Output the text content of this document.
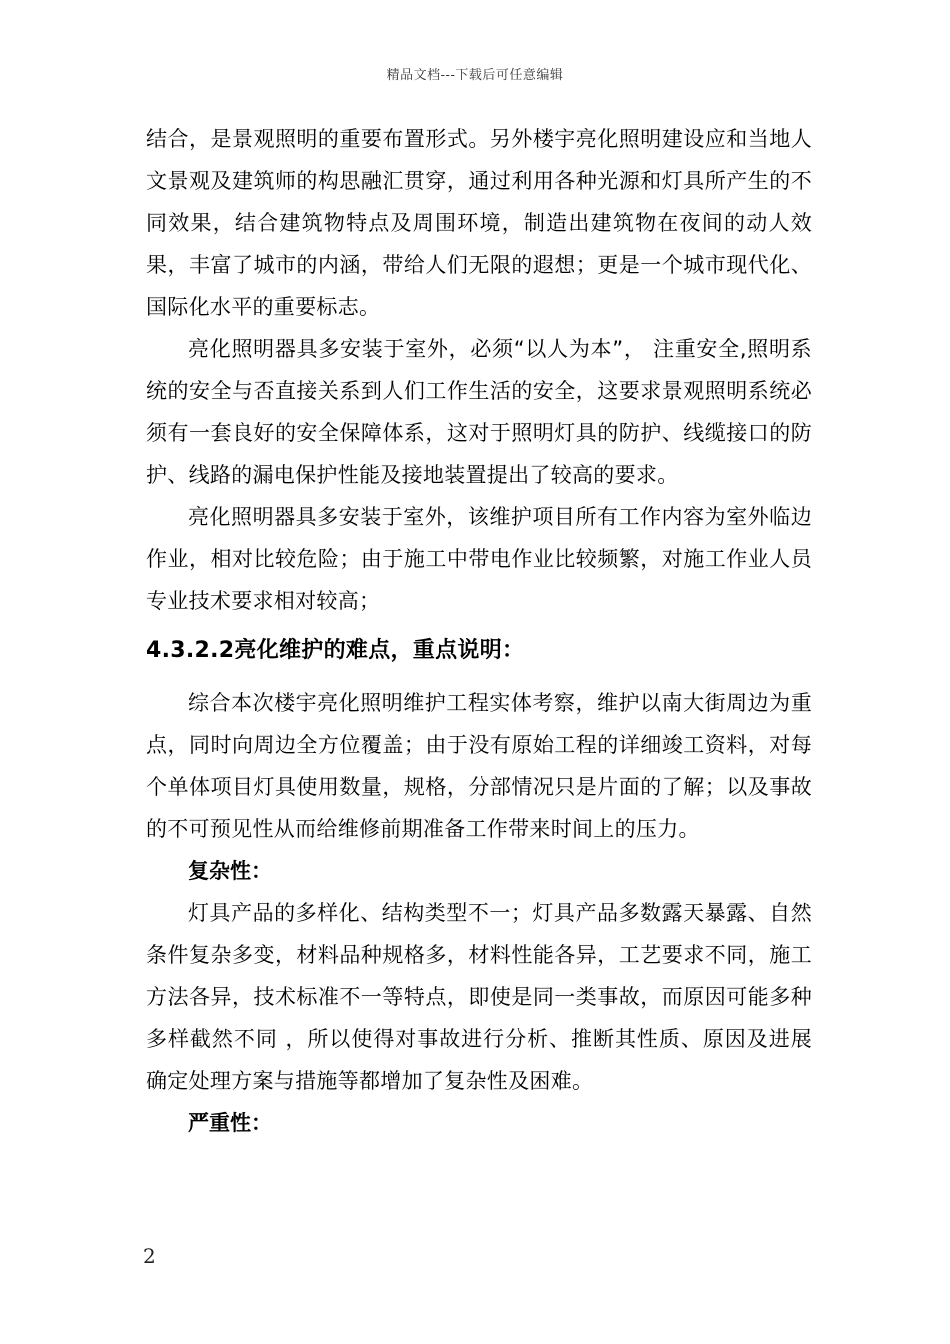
精品文档---下载后可任意编辑

结合，是景观照明的重要布置形式。另外楼宇亮化照明建设应和当地人文景观及建筑师的构思融汇贯穿，通过利用各种光源和灯具所产生的不同效果，结合建筑物特点及周围环境，制造出建筑物在夜间的动人效果，丰富了城市的内涵，带给人们无限的遐想；更是一个城市现代化、国际化水平的重要标志。

亮化照明器具多安装于室外，必须“以人为本”， 注重安全,照明系统的安全与否直接关系到人们工作生活的安全，这要求景观照明系统必须有一套良好的安全保障体系，这对于照明灯具的防护、线缆接口的防护、线路的漏电保护性能及接地装置提出了较高的要求。

亮化照明器具多安装于室外，该维护项目所有工作内容为室外临边作业，相对比较危险；由于施工中带电作业比较频繁，对施工作业人员专业技术要求相对较高；

4.3.2.2亮化维护的难点，重点说明：

综合本次楼宇亮化照明维护工程实体考察，维护以南大街周边为重点，同时向周边全方位覆盖；由于没有原始工程的详细竣工资料，对每个单体项目灯具使用数量，规格，分部情况只是片面的了解；以及事故的不可预见性从而给维修前期准备工作带来时间上的压力。

复杂性：

灯具产品的多样化、结构类型不一；灯具产品多数露天暴露、自然条件复杂多变，材料品种规格多，材料性能各异，工艺要求不同，施工方法各异，技术标准不一等特点，即使是同一类事故，而原因可能多种多样截然不同 ，所以使得对事故进行分析、推断其性质、原因及进展确定处理方案与措施等都增加了复杂性及困难。

严重性：

2
